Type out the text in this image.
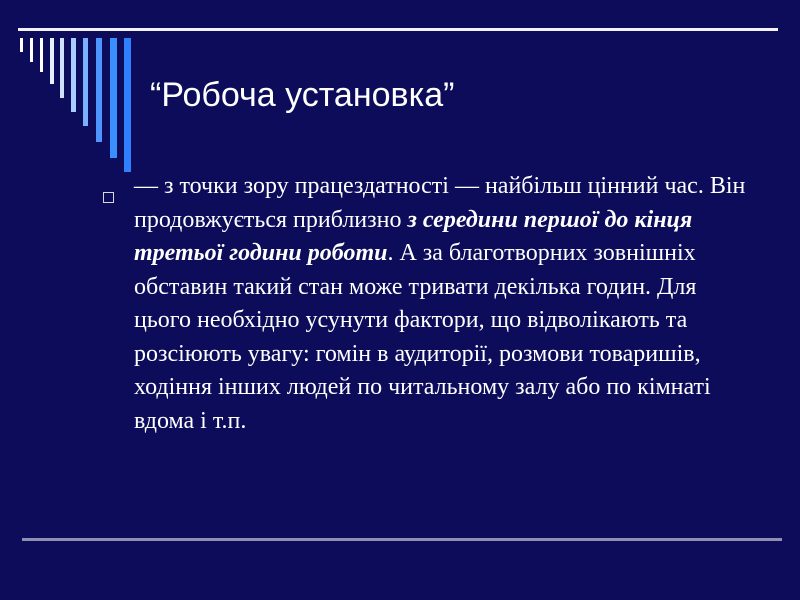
“Робоча установка”
— з точки зору працездатності — найбільш цінний час. Він продовжується приблизно з середини першої до кінця третьої години роботи. А за благотворних зовнішніх обставин такий стан може тривати декілька годин. Для цього необхідно усунути фактори, що відволікають та розсіюють увагу: гомін в аудиторії, розмови товаришів, ходіння інших людей по читальному залу або по кімнаті вдома і т.п.
